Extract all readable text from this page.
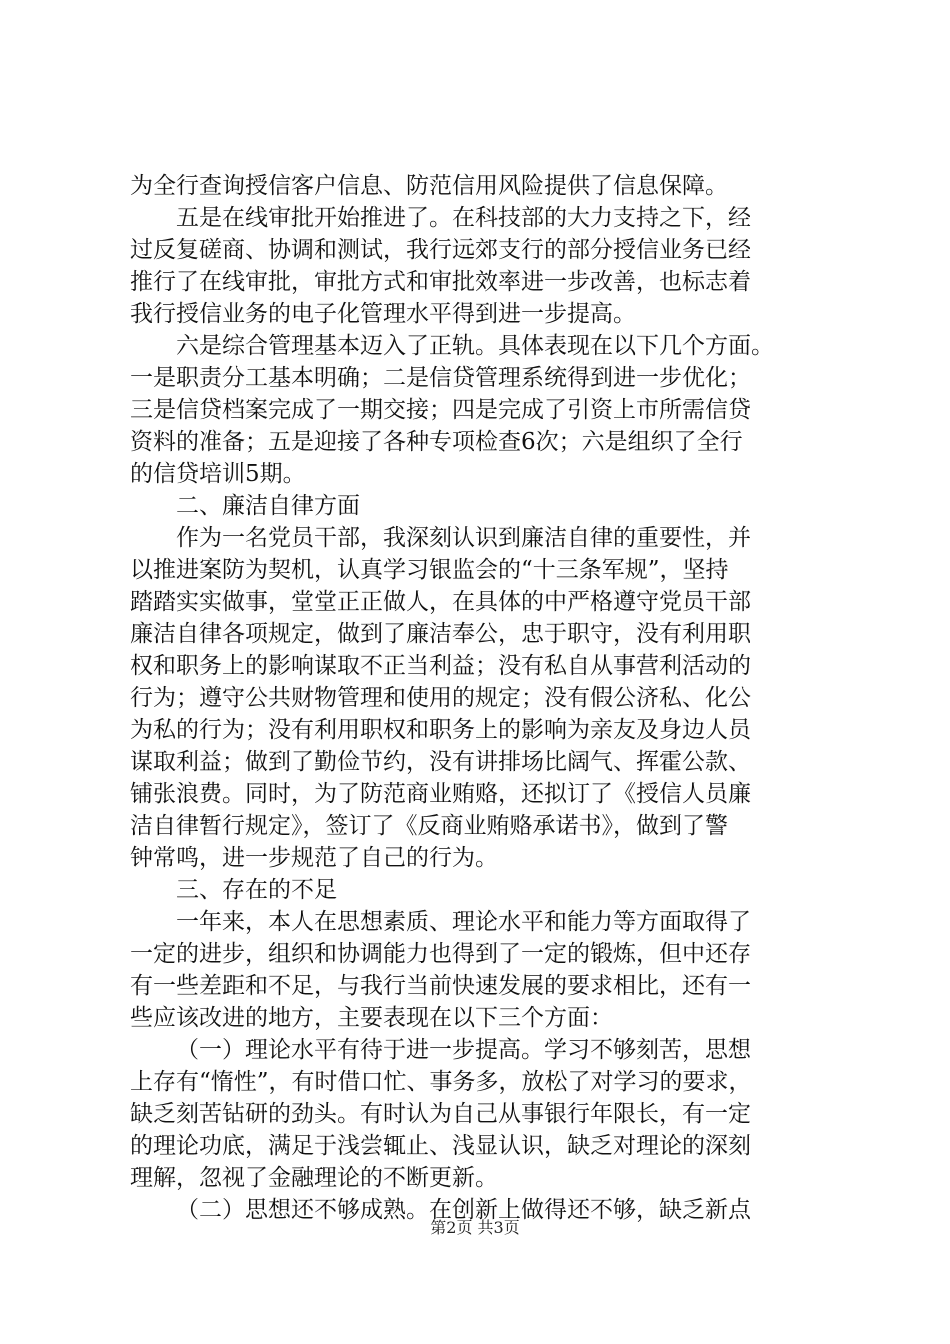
为全行查询授信客户信息、防范信用风险提供了信息保障。
五是在线审批开始推进了。在科技部的大力支持之下，经
过反复磋商、协调和测试，我行远郊支行的部分授信业务已经
推行了在线审批，审批方式和审批效率进一步改善，也标志着
我行授信业务的电子化管理水平得到进一步提高。
六是综合管理基本迈入了正轨。具体表现在以下几个方面。
一是职责分工基本明确；二是信贷管理系统得到进一步优化；
三是信贷档案完成了一期交接；四是完成了引资上市所需信贷
资料的准备；五是迎接了各种专项检查6次；六是组织了全行
的信贷培训5期。
二、廉洁自律方面
作为一名党员干部，我深刻认识到廉洁自律的重要性，并
以推进案防为契机，认真学习银监会的“十三条军规”，坚持
踏踏实实做事，堂堂正正做人，在具体的中严格遵守党员干部
廉洁自律各项规定，做到了廉洁奉公，忠于职守，没有利用职
权和职务上的影响谋取不正当利益；没有私自从事营利活动的
行为；遵守公共财物管理和使用的规定；没有假公济私、化公
为私的行为；没有利用职权和职务上的影响为亲友及身边人员
谋取利益；做到了勤俭节约，没有讲排场比阔气、挥霍公款、
铺张浪费。同时，为了防范商业贿赂，还拟订了《授信人员廉
洁自律暂行规定》，签订了《反商业贿赂承诺书》，做到了警
钟常鸣，进一步规范了自己的行为。
三、存在的不足
一年来，本人在思想素质、理论水平和能力等方面取得了
一定的进步，组织和协调能力也得到了一定的锻炼，但中还存
有一些差距和不足，与我行当前快速发展的要求相比，还有一
些应该改进的地方，主要表现在以下三个方面：
（一）理论水平有待于进一步提高。学习不够刻苦，思想
上存有“惰性”，有时借口忙、事务多，放松了对学习的要求，
缺乏刻苦钻研的劲头。有时认为自己从事银行年限长，有一定
的理论功底，满足于浅尝辄止、浅显认识，缺乏对理论的深刻
理解，忽视了金融理论的不断更新。
（二）思想还不够成熟。在创新上做得还不够，缺乏新点
第2页 共3页
